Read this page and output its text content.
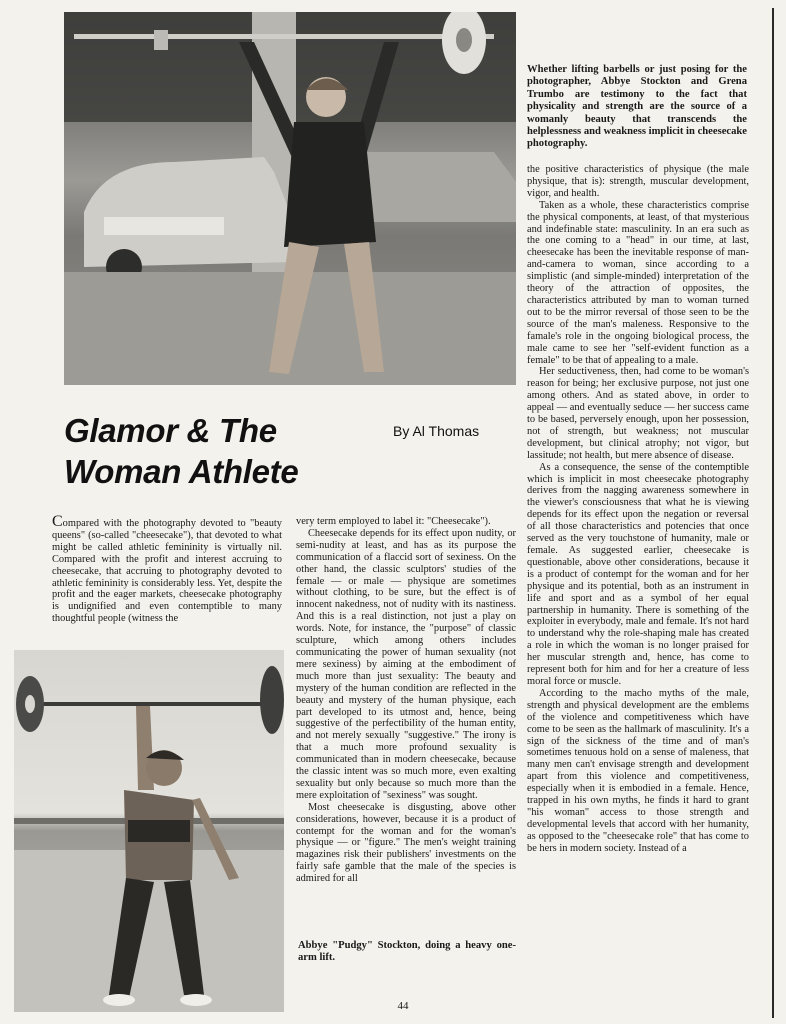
Whether lifting barbells or just posing for the photographer, Abbye Stockton and Grena Trumbo are testimony to the fact that physicality and strength are the source of a womanly beauty that transcends the helplessness and weakness implicit in cheesecake photography.
Glamor & The
Woman Athlete
By Al Thomas

Compared with the photography devoted to "beauty queens" (so-called "cheesecake"), that devoted to what might be called athletic femininity is virtually nil. Compared with the profit and interest accruing to cheesecake, that accruing to photography devoted to athletic femininity is considerably less. Yet, despite the profit and the eager markets, cheesecake photography is undignified and even contemptible to many thoughtful people (witness the

very term employed to label it: "Cheesecake").

Cheesecake depends for its effect upon nudity, or semi-nudity at least, and has as its purpose the communication of a flaccid sort of sexiness. On the other hand, the classic sculptors' studies of the female — or male — physique are sometimes without clothing, to be sure, but the effect is of innocent nakedness, not of nudity with its nastiness. And this is a real distinction, not just a play on words. Note, for instance, the "purpose" of classic sculpture, which among others includes communicating the power of human sexuality (not mere sexiness) by aiming at the embodiment of much more than just sexuality: The beauty and mystery of the human condition are reflected in the beauty and mystery of the human physique, each part developed to its utmost and, hence, being suggestive of the perfectibility of the human entity, and not merely sexually "suggestive." The irony is that a much more profound sexuality is communicated than in modern cheesecake, because the classic intent was so much more, even exalting sexuality but only because so much more than the mere exploitation of "sexiness" was sought.

Most cheesecake is disgusting, above other considerations, however, because it is a product of contempt for the woman and for the woman's physique — or "figure." The men's weight training magazines risk their publishers' investments on the fairly safe gamble that the male of the species is admired for all

Abbye "Pudgy" Stockton, doing a heavy one-arm lift.

the positive characteristics of physique (the male physique, that is): strength, muscular development, vigor, and health.

Taken as a whole, these characteristics comprise the physical components, at least, of that mysterious and indefinable state: masculinity. In an era such as the one coming to a "head" in our time, at last, cheesecake has been the inevitable response of man-and-camera to woman, since according to a simplistic (and simple-minded) interpretation of the theory of the attraction of opposites, the characteristics attributed by man to woman turned out to be the mirror reversal of those seen to be the source of the man's maleness. Responsive to the famale's role in the ongoing biological process, the male came to see her "self-evident function as a female" to be that of appealing to a male.

Her seductiveness, then, had come to be woman's reason for being; her exclusive purpose, not just one among others. And as stated above, in order to appeal — and eventually seduce — her success came to be based, perversely enough, upon her possession, not of strength, but weakness; not muscular development, but clinical atrophy; not vigor, but lassitude; not health, but mere absence of disease.

As a consequence, the sense of the contemptible which is implicit in most cheesecake photography derives from the nagging awareness somewhere in the viewer's consciousness that what he is viewing depends for its effect upon the negation or reversal of all those characteristics and potencies that once served as the very touchstone of humanity, male or female. As suggested earlier, cheesecake is questionable, above other considerations, because it is a product of contempt for the woman and for her physique and its potential, both as an instrument in life and sport and as a symbol of her equal partnership in humanity. There is something of the exploiter in everybody, male and female. It's not hard to understand why the role-shaping male has created a role in which the woman is no longer praised for her muscular strength and, hence, has come to represent both for him and for her a creature of less moral force or muscle.

According to the macho myths of the male, strength and physical development are the emblems of the violence and competitiveness which have come to be seen as the hallmark of masculinity. It's a sign of the sickness of the time and of man's sometimes tenuous hold on a sense of maleness, that many men can't envisage strength and development apart from this violence and competitiveness, especially when it is embodied in a female. Hence, trapped in his own myths, he finds it hard to grant "his woman" access to those strength and developmental levels that accord with her humanity, as opposed to the "cheesecake role" that has come to be hers in modern society. Instead of a

44
